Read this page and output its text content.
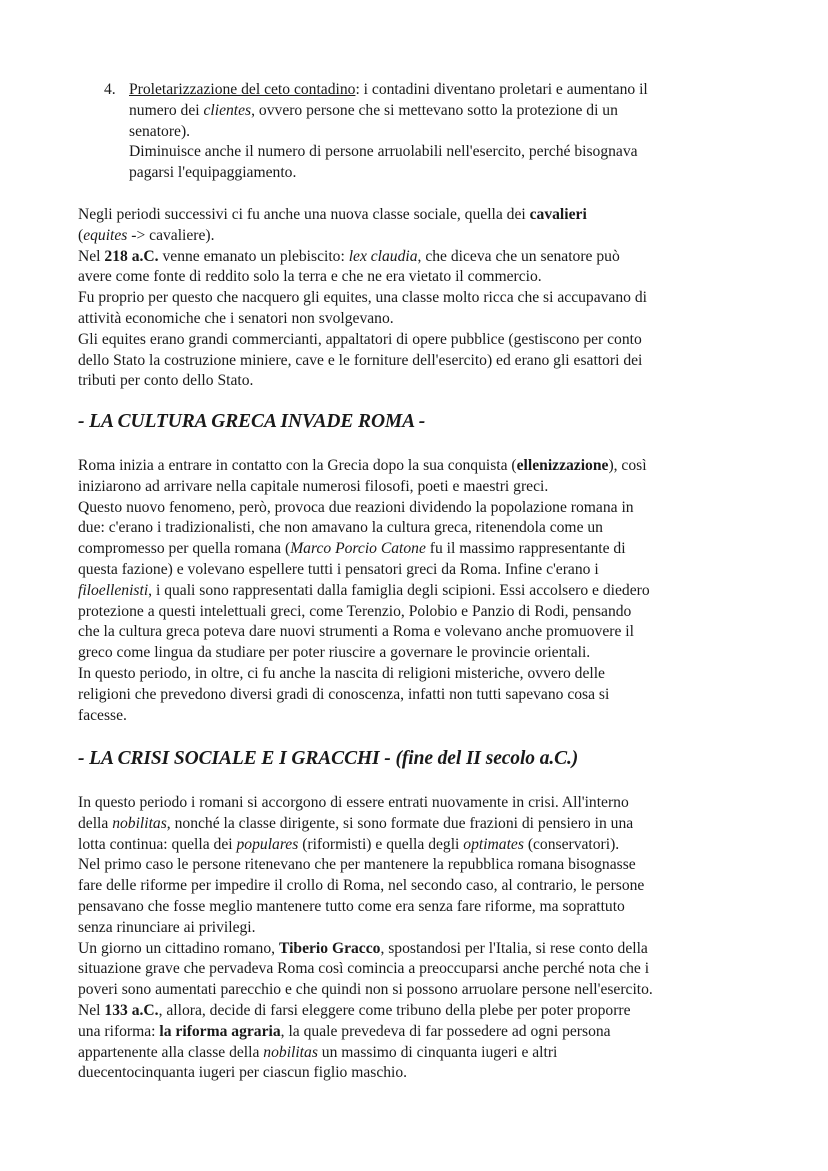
4. Proletarizzazione del ceto contadino: i contadini diventano proletari e aumentano il
numero dei clientes, ovvero persone che si mettevano sotto la protezione di un
senatore).
Diminuisce anche il numero di persone arruolabili nell'esercito, perché bisognava
pagarsi l'equipaggiamento.
Negli periodi successivi ci fu anche una nuova classe sociale, quella dei cavalieri
(equites -> cavaliere).
Nel 218 a.C. venne emanato un plebiscito: lex claudia, che diceva che un senatore può
avere come fonte di reddito solo la terra e che ne era vietato il commercio.
Fu proprio per questo che nacquero gli equites, una classe molto ricca che si accupavano di
attività economiche che i senatori non svolgevano.
Gli equites erano grandi commercianti, appaltatori di opere pubblice (gestiscono per conto
dello Stato la costruzione miniere, cave e le forniture dell'esercito) ed erano gli esattori dei
tributi per conto dello Stato.
- LA CULTURA GRECA INVADE ROMA -
Roma inizia a entrare in contatto con la Grecia dopo la sua conquista (ellenizzazione), così
iniziarono ad arrivare nella capitale numerosi filosofi, poeti e maestri greci.
Questo nuovo fenomeno, però, provoca due reazioni dividendo la popolazione romana in
due: c'erano i tradizionalisti, che non amavano la cultura greca, ritenendola come un
compromesso per quella romana (Marco Porcio Catone fu il massimo rappresentante di
questa fazione) e volevano espellere tutti i pensatori greci da Roma. Infine c'erano i
filoellenisti, i quali sono rappresentati dalla famiglia degli scipioni. Essi accolsero e diedero
protezione a questi intelettuali greci, come Terenzio, Polobio e Panzio di Rodi, pensando
che la cultura greca poteva dare nuovi strumenti a Roma e volevano anche promuovere il
greco come lingua da studiare per poter riuscire a governare le provincie orientali.
In questo periodo, in oltre, ci fu anche la nascita di religioni misteriche, ovvero delle
religioni che prevedono diversi gradi di conoscenza, infatti non tutti sapevano cosa si
facesse.
- LA CRISI SOCIALE E I GRACCHI - (fine del II secolo a.C.)
In questo periodo i romani si accorgono di essere entrati nuovamente in crisi. All'interno
della nobilitas, nonché la classe dirigente, si sono formate due frazioni di pensiero in una
lotta continua: quella dei populares (riformisti) e quella degli optimates (conservatori).
Nel primo caso le persone ritenevano che per mantenere la repubblica romana bisognasse
fare delle riforme per impedire il crollo di Roma, nel secondo caso, al contrario, le persone
pensavano che fosse meglio mantenere tutto come era senza fare riforme, ma soprattuto
senza rinunciare ai privilegi.
Un giorno un cittadino romano, Tiberio Gracco, spostandosi per l'Italia, si rese conto della
situazione grave che pervadeva Roma così comincia a preoccuparsi anche perché nota che i
poveri sono aumentati parecchio e che quindi non si possono arruolare persone nell'esercito.
Nel 133 a.C., allora, decide di farsi eleggere come tribuno della plebe per poter proporre
una riforma: la riforma agraria, la quale prevedeva di far possedere ad ogni persona
appartenente alla classe della nobilitas un massimo di cinquanta iugeri e altri
duecentocinquanta iugeri per ciascun figlio maschio.
